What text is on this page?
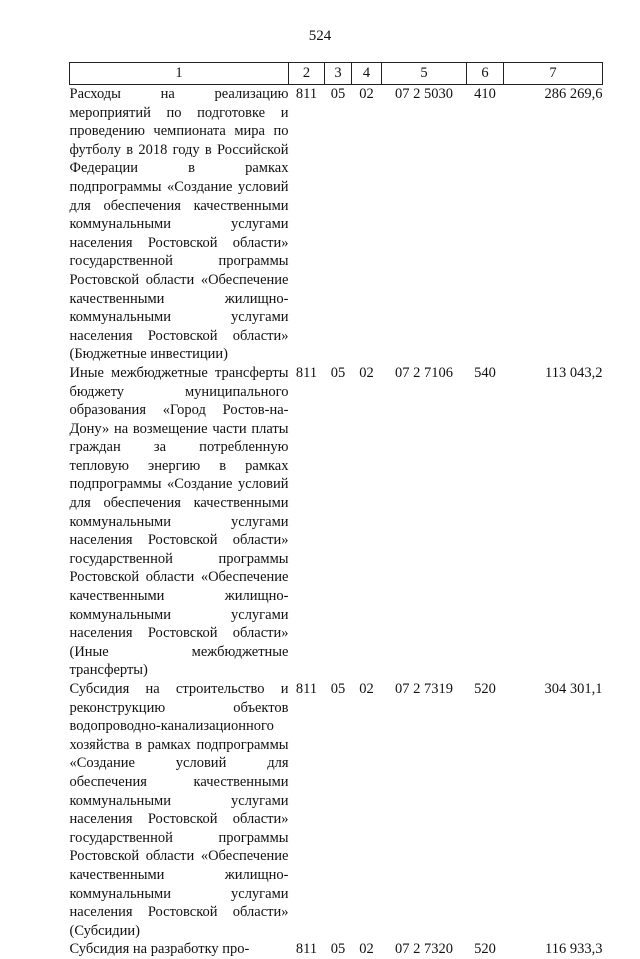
524
1	2	3	4	5	6	7
Расходы на реализацию мероприятий по подготовке и проведению чемпионата мира по футболу в 2018 году в Российской Федерации в рамках подпрограммы «Создание условий для обеспечения качественными коммунальными услугами населения Ростовской области» государственной программы Ростовской области «Обеспечение качественными жилищно-коммунальными услугами населения Ростовской области» (Бюджетные инвестиции)	811	05	02	07 2 5030	410	286 269,6
Иные межбюджетные трансферты бюджету муниципального образования «Город Ростов-на-Дону» на возмещение части платы граждан за потребленную тепловую энергию в рамках подпрограммы «Создание условий для обеспечения качественными коммунальными услугами населения Ростовской области» государственной программы Ростовской области «Обеспечение качественными жилищно-коммунальными услугами населения Ростовской области» (Иные межбюджетные трансферты)	811	05	02	07 2 7106	540	113 043,2
Субсидия на строительство и реконструкцию объектов водопроводно-канализационного хозяйства в рамках подпрограммы «Создание условий для обеспечения качественными коммунальными услугами населения Ростовской области» государственной программы Ростовской области «Обеспечение качественными жилищно-коммунальными услугами населения Ростовской области» (Субсидии)	811	05	02	07 2 7319	520	304 301,1
Субсидия на разработку про-	811	05	02	07 2 7320	520	116 933,3
